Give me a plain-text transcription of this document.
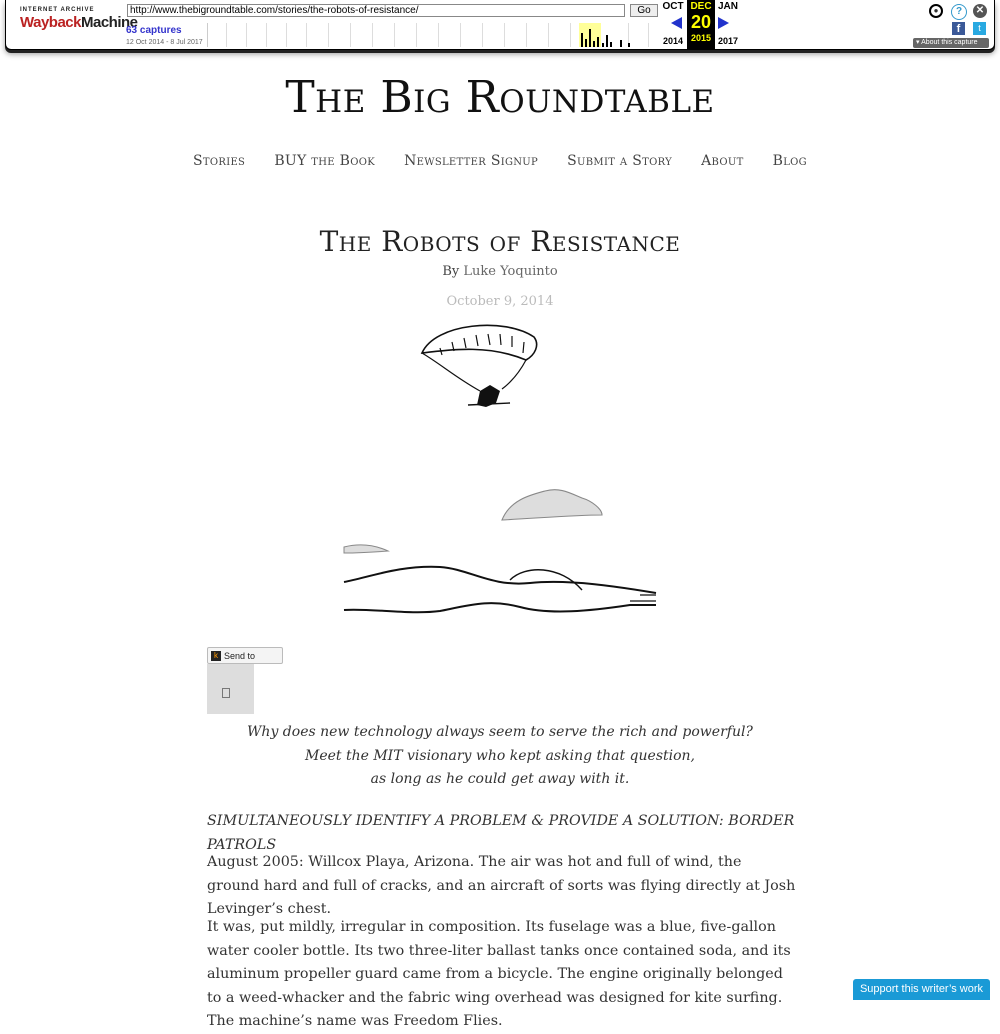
INTERNET ARCHIVE
WaybackMachine
http://www.thebigroundtable.com/stories/the-robots-of-resistance/	Go
63 captures
12 Oct 2014 - 8 Jul 2017
OCT
2014
DEC
20
2015
JAN
2017
●	?	✕
f	t
▾ About this capture
The Big Roundtable
Stories BUY the Book Newsletter Signup Submit a Story About Blog
The Robots of Resistance
By Luke Yoquinto
October 9, 2014
k Send to
Why does new technology always seem to serve the rich and powerful?
Meet the MIT visionary who kept asking that question,
as long as he could get away with it.
SIMULTANEOUSLY IDENTIFY A PROBLEM & PROVIDE A SOLUTION: BORDER PATROLS

August 2005: Willcox Playa, Arizona. The air was hot and full of wind, the ground hard and full of cracks, and an aircraft of sorts was flying directly at Josh Levinger’s chest.

It was, put mildly, irregular in composition. Its fuselage was a blue, five-gallon water cooler bottle. Its two three-liter ballast tanks once contained soda, and its aluminum propeller guard came from a bicycle. The engine originally belonged to a weed-whacker and the fabric wing overhead was designed for kite surfing. The machine’s name was Freedom Flies.

Support this writer’s work
